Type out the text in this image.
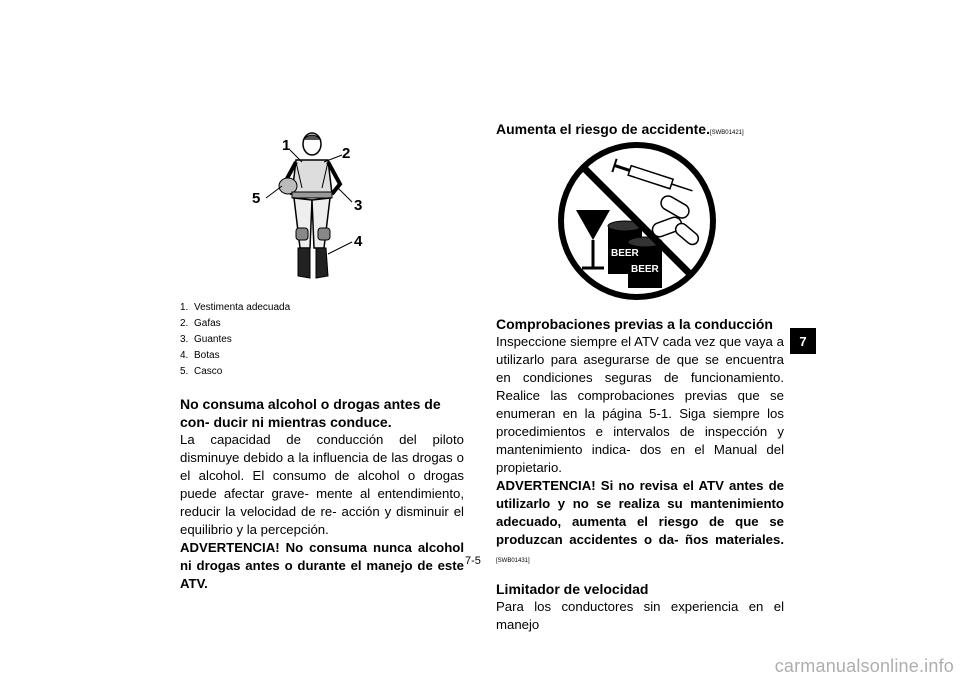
1	2
3
4
5
1. Vestimenta adecuada
2. Gafas
3. Guantes
4. Botas
5. Casco

No consuma alcohol o drogas antes de con- ducir ni mientras conduce.

La capacidad de conducción del piloto disminuye debido a la influencia de las drogas o el alcohol. El consumo de alcohol o drogas puede afectar grave- mente al entendimiento, reducir la velocidad de re- acción y disminuir el equilibrio y la percepción.

ADVERTENCIA! No consuma nunca alcohol ni drogas antes o durante el manejo de este ATV.

Aumenta el riesgo de accidente.[SWB01421]
BEER
BEER

Comprobaciones previas a la conducción

Inspeccione siempre el ATV cada vez que vaya a utilizarlo para asegurarse de que se encuentra en condiciones seguras de funcionamiento. Realice las comprobaciones previas que se enumeran en la página 5-1. Siga siempre los procedimientos e intervalos de inspección y mantenimiento indica- dos en el Manual del propietario.

ADVERTENCIA! Si no revisa el ATV antes de utilizarlo y no se realiza su mantenimiento adecuado, aumenta el riesgo de que se produzcan accidentes o da- ños materiales.[SWB01431]

Limitador de velocidad

Para los conductores sin experiencia en el manejo

7
7-5
carmanualsonline.info
